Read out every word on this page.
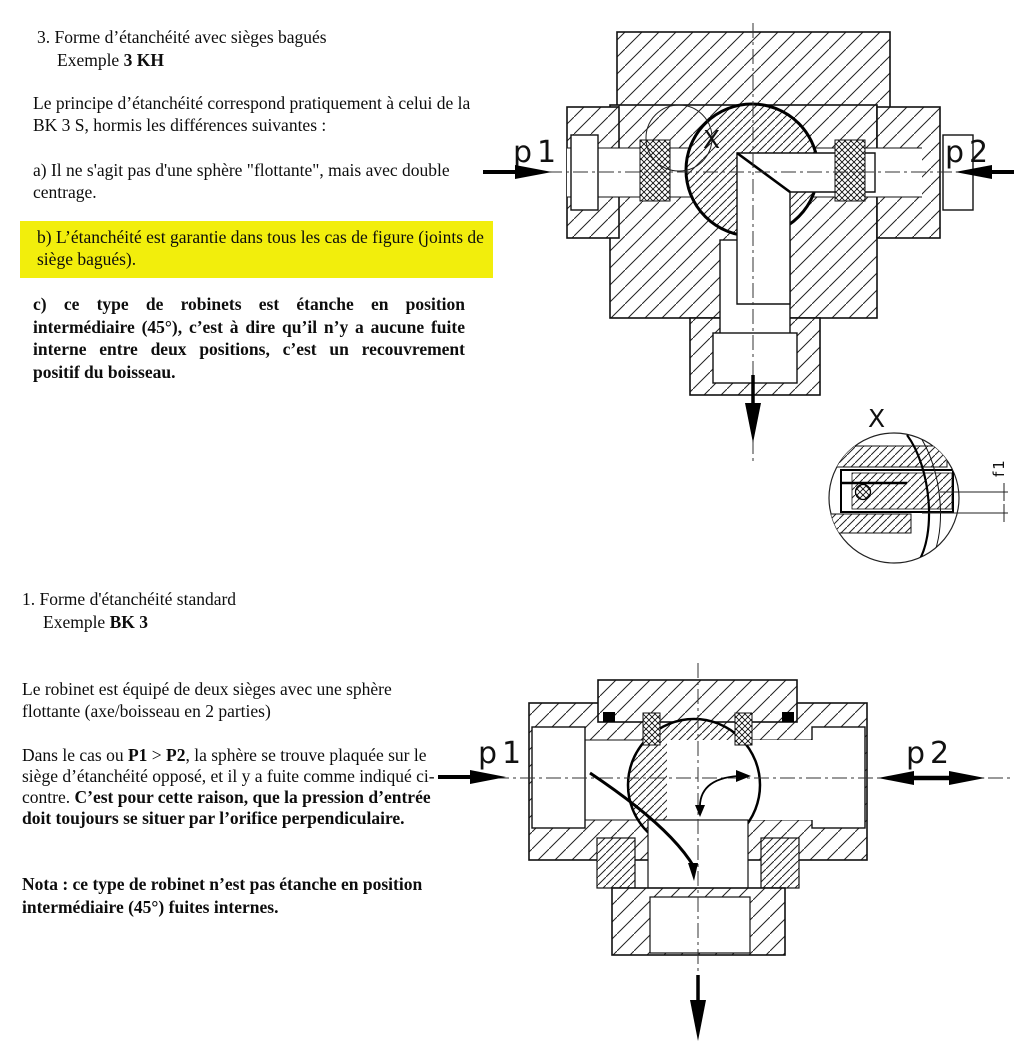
3. Forme d’étanchéité avec sièges bagués
Exemple 3 KH
Le principe d’étanchéité correspond pratiquement à celui de la BK 3 S, hormis les différences suivantes :
a) Il ne s'agit pas d'une sphère "flottante", mais avec double centrage.
b) L’étanchéité est garantie dans tous les cas de figure (joints de siège bagués).
c) ce type de robinets est étanche en position intermédiaire (45°), c’est à dire qu’il n’y a aucune fuite interne entre deux positions, c’est un recouvrement positif du boisseau.
1. Forme d'étanchéité standard
Exemple BK 3
Le robinet est équipé de deux sièges avec une sphère flottante (axe/boisseau en 2 parties)
Dans le cas ou P1 > P2, la sphère se trouve plaquée sur le siège d’étanchéité opposé, et il y a fuite comme indiqué ci-contre. C’est pour cette raison, que la pression d’entrée doit toujours se situer par l’orifice perpendiculaire.
Nota : ce type de robinet n’est pas étanche en position intermédiaire (45°) fuites internes.
X
p1	p2
X
f1
p1	p2
